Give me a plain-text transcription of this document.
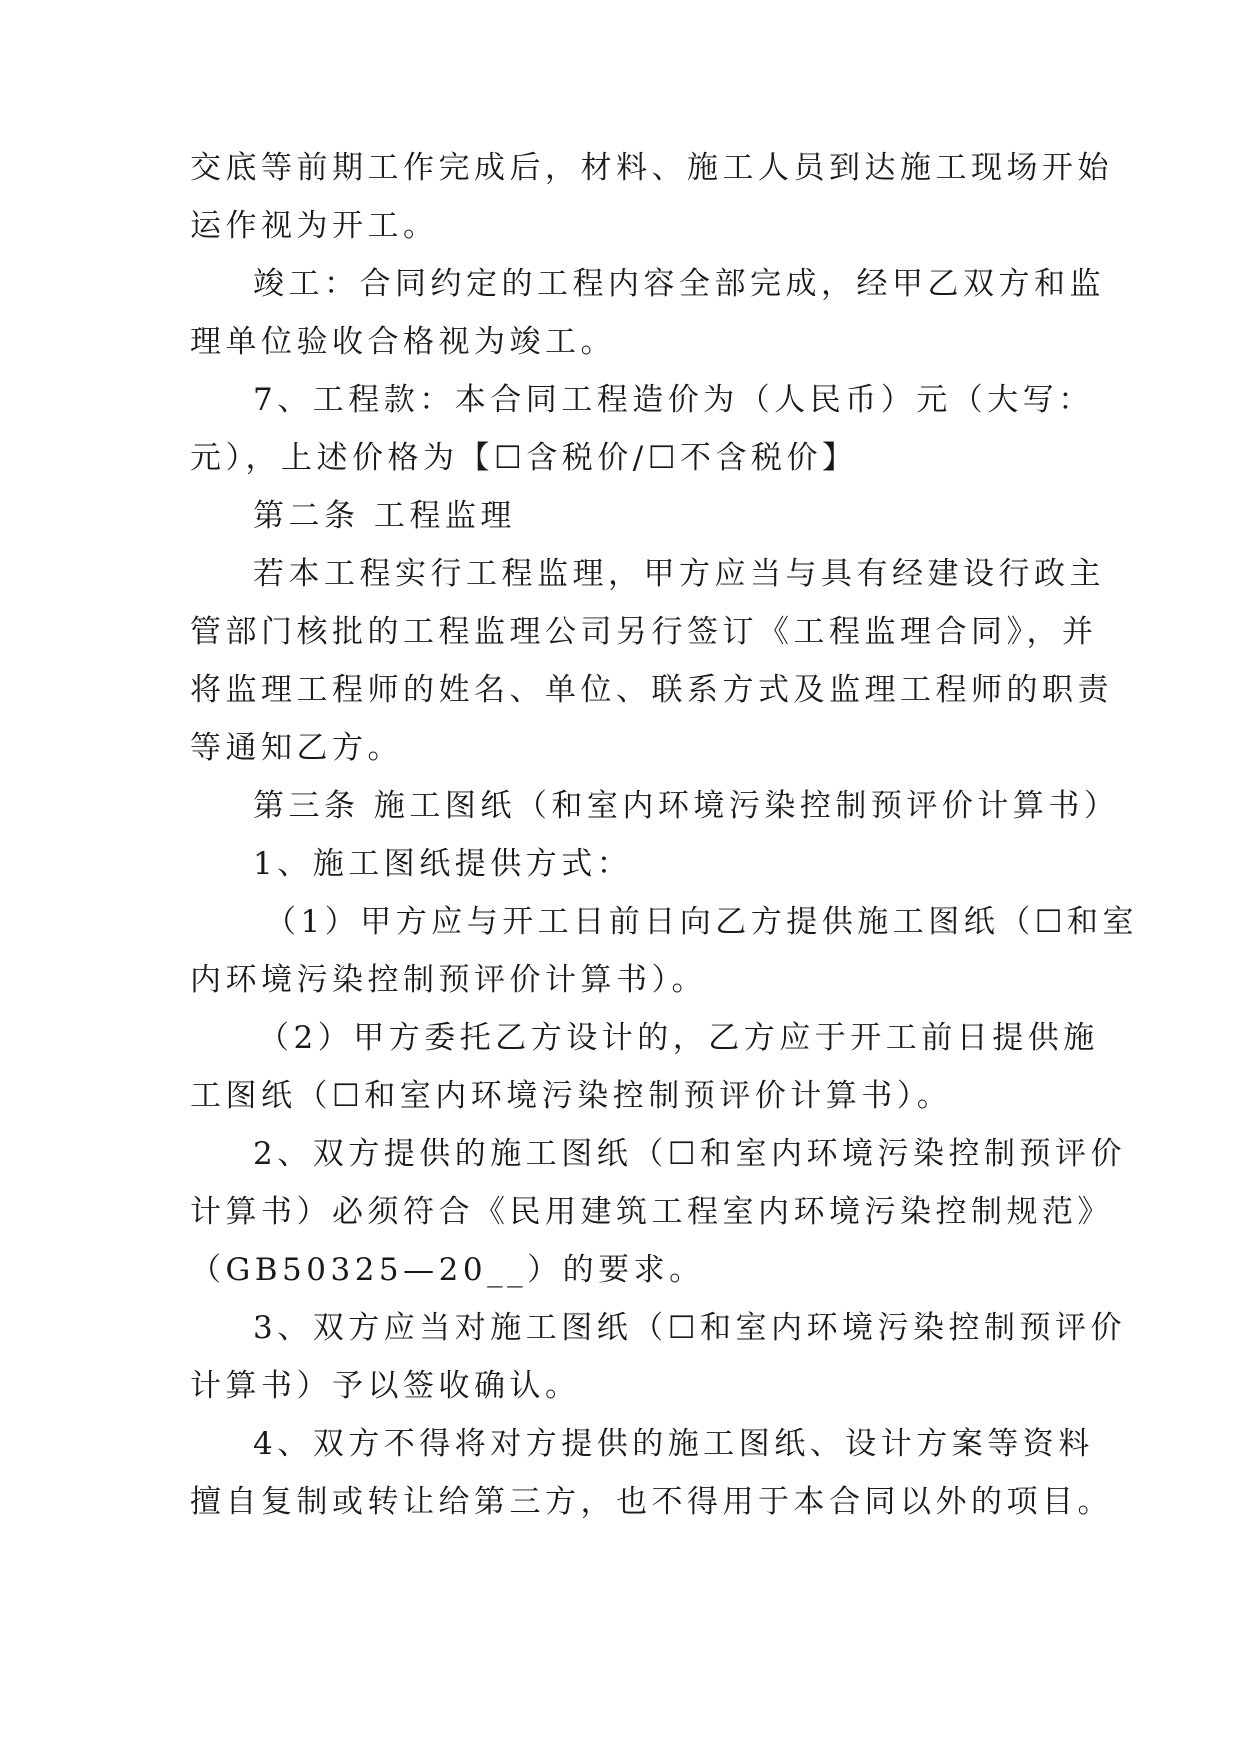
交底等前期工作完成后，材料、施工人员到达施工现场开始
运作视为开工。
竣工：合同约定的工程内容全部完成，经甲乙双方和监
理单位验收合格视为竣工。
7、工程款：本合同工程造价为（人民币）元（大写：
元），上述价格为【☐含税价/☐不含税价】
第二条 工程监理
若本工程实行工程监理，甲方应当与具有经建设行政主
管部门核批的工程监理公司另行签订《工程监理合同》，并
将监理工程师的姓名、单位、联系方式及监理工程师的职责
等通知乙方。
第三条 施工图纸（和室内环境污染控制预评价计算书）
1、施工图纸提供方式：
（1）甲方应与开工日前日向乙方提供施工图纸（☐和室
内环境污染控制预评价计算书）。
（2）甲方委托乙方设计的，乙方应于开工前日提供施
工图纸（☐和室内环境污染控制预评价计算书）。
2、双方提供的施工图纸（☐和室内环境污染控制预评价
计算书）必须符合《民用建筑工程室内环境污染控制规范》
（GB50325—20__）的要求。
3、双方应当对施工图纸（☐和室内环境污染控制预评价
计算书）予以签收确认。
4、双方不得将对方提供的施工图纸、设计方案等资料
擅自复制或转让给第三方，也不得用于本合同以外的项目。
